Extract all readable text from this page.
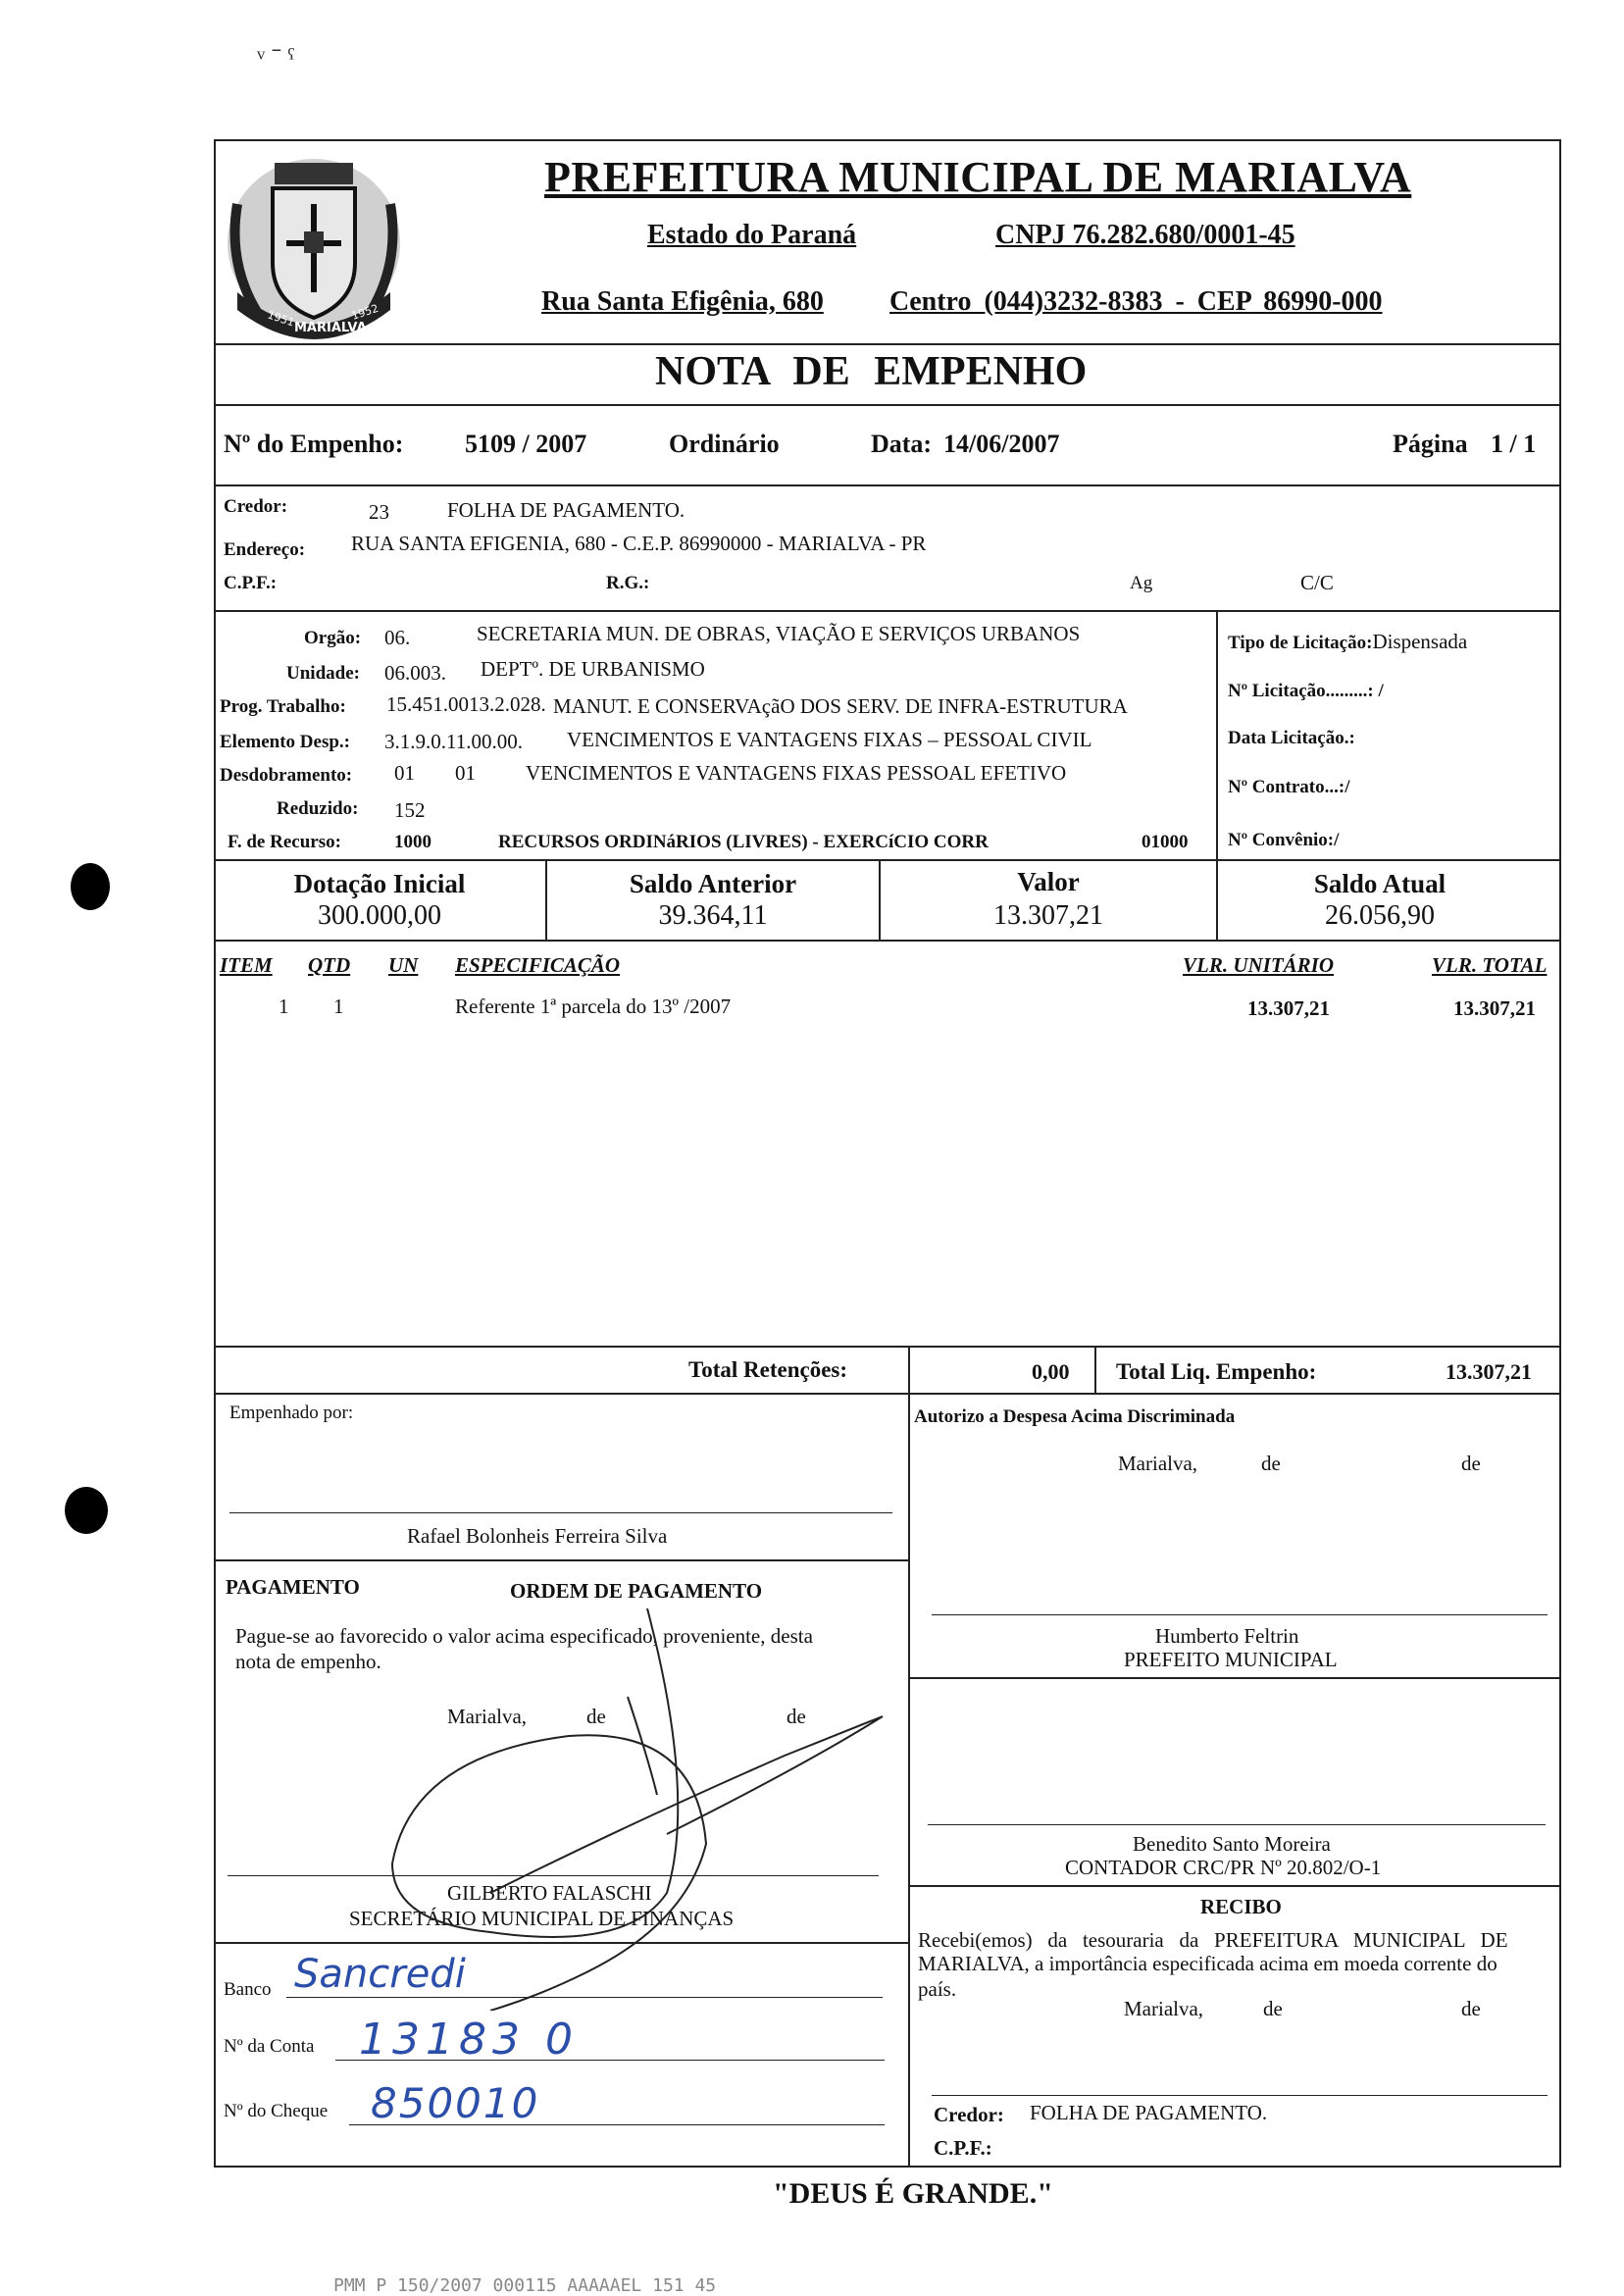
ᵛ ˉ ˤ
1951
MARIALVA
1952
PREFEITURA MUNICIPAL DE MARIALVA
Estado do Paraná	CNPJ 76.282.680/0001-45
Rua Santa Efigênia, 680 Centro (044)3232-8383 - CEP 86990-000
NOTA DE EMPENHO
Nº do Empenho: 5109 / 2007	Ordinário	Data: 14/06/2007	Página 1 / 1
Credor:	23	FOLHA DE PAGAMENTO.
Endereço: RUA SANTA EFIGENIA, 680 - C.E.P. 86990000 - MARIALVA - PR
C.P.F.:	R.G.:	Ag	C/C
Orgão: 06.	SECRETARIA MUN. DE OBRAS, VIAÇÃO E SERVIÇOS URBANOS
Unidade: 06.003. DEPTº. DE URBANISMO
Prog. Trabalho: 15.451.0013.2.028. MANUT. E CONSERVAçãO DOS SERV. DE INFRA-ESTRUTURA
Elemento Desp.: 3.1.9.0.11.00.00. VENCIMENTOS E VANTAGENS FIXAS – PESSOAL CIVIL
Desdobramento: 01 01 VENCIMENTOS E VANTAGENS FIXAS PESSOAL EFETIVO
Reduzido: 152
F. de Recurso:	1000	RECURSOS ORDINáRIOS (LIVRES) - EXERCíCIO CORR	01000
Tipo de Licitação:Dispensada
Nº Licitação.........: /
Data Licitação.:
Nº Contrato...:/
Nº Convênio:/
Dotação Inicial
300.000,00
Saldo Anterior
39.364,11
Valor
13.307,21
Saldo Atual
26.056,90
ITEM QTD UN ESPECIFICAÇÃO	VLR. UNITÁRIO	VLR. TOTAL
1 1	Referente 1ª parcela do 13º /2007	13.307,21	13.307,21
Total Retenções:	0,00 Total Liq. Empenho:	13.307,21
Empenhado por:
Rafael Bolonheis Ferreira Silva
Autorizo a Despesa Acima Discriminada
Marialva,	de	de
Humberto Feltrin
PREFEITO MUNICIPAL
PAGAMENTO	ORDEM DE PAGAMENTO
Pague-se ao favorecido o valor acima especificado, proveniente, desta
nota de empenho.
Marialva,	de	de
GILBERTO FALASCHI
SECRETÁRIO MUNICIPAL DE FINANÇAS
Benedito Santo Moreira
CONTADOR CRC/PR Nº 20.802/O-1
RECIBO
Recebi(emos)   da   tesouraria   da   PREFEITURA   MUNICIPAL   DE
MARIALVA, a importância especificada acima em moeda corrente do
país.
Marialva,	de	de
Credor: FOLHA DE PAGAMENTO.
C.P.F.:
Banco Sancredi
Nº da Conta 13183 0
Nº do Cheque 850010
"DEUS É GRANDE."
PMM P 150/2007 000115 AAAAAEL 151 45
